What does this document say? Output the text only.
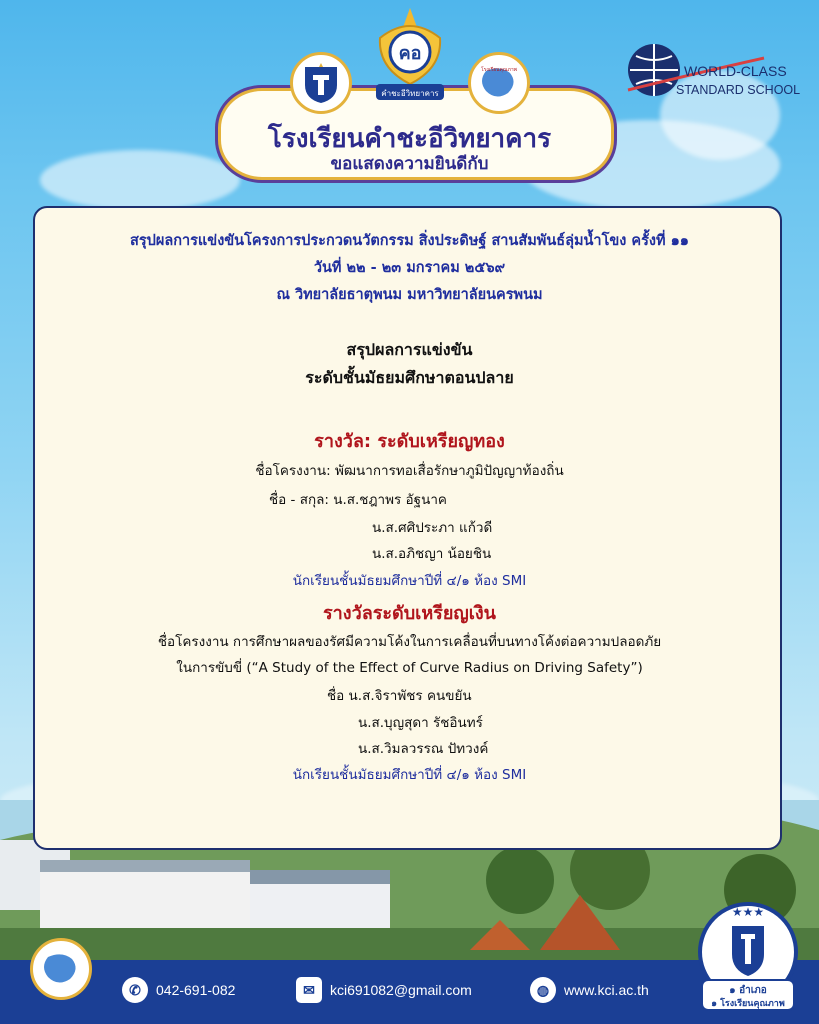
โรงเรียนคำชะอีวิทยาคาร
ขอแสดงความยินดีกับ
คอ
คำชะอีวิทยาคาร
โรงเรียนคุณภาพ	WORLD-CLASS
STANDARD SCHOOL
สรุปผลการแข่งขันโครงการประกวดนวัตกรรม สิ่งประดิษฐ์ สานสัมพันธ์ลุ่มน้ำโขง ครั้งที่ ๑๑
วันที่ ๒๒ - ๒๓ มกราคม ๒๕๖๙
ณ วิทยาลัยธาตุพนม มหาวิทยาลัยนครพนม
สรุปผลการแข่งขัน
ระดับชั้นมัธยมศึกษาตอนปลาย
รางวัล: ระดับเหรียญทอง
ชื่อโครงงาน: พัฒนาการทอเสื่อรักษาภูมิปัญญาท้องถิ่น
ชื่อ - สกุล: น.ส.ชฎาพร อัฐนาค
น.ส.ศศิประภา แก้วดี
น.ส.อภิชญา น้อยชิน
นักเรียนชั้นมัธยมศึกษาปีที่ ๔/๑ ห้อง SMI
รางวัลระดับเหรียญเงิน
ชื่อโครงงาน การศึกษาผลของรัศมีความโค้งในการเคลื่อนที่บนทางโค้งต่อความปลอดภัย
ในการขับขี่ (“A Study of the Effect of Curve Radius on Driving Safety”)
ชื่อ น.ส.จิราพัชร คนขยัน
น.ส.บุญสุดา รัชอินทร์
น.ส.วิมลวรรณ ปัทวงค์
นักเรียนชั้นมัธยมศึกษาปีที่ ๔/๑ ห้อง SMI
✆	042-691-082	✉	kci691082@gmail.com	◍	www.kci.ac.th
★★★
๑ อำเภอ
๑ โรงเรียนคุณภาพ
